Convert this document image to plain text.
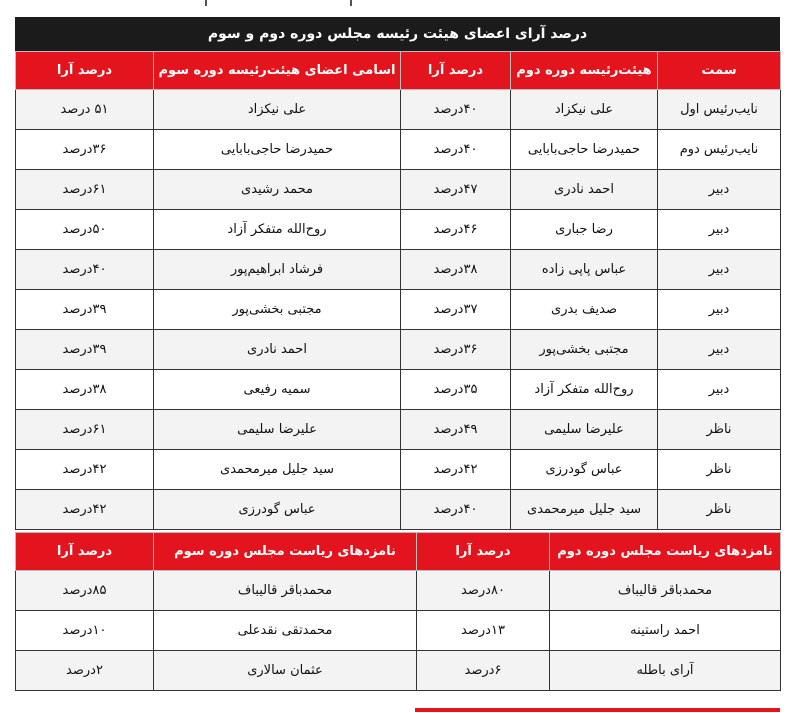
درصد آرای اعضای هیئت رئیسه مجلس دوره دوم و سوم
سمت	هیئت‌رئیسه دوره دوم	درصد آرا	اسامی اعضای هیئت‌رئیسه دوره سوم	درصد آرا
نایب‌رئیس اول	علی نیکزاد	۴۰درصد	علی نیکزاد	۵۱ درصد
نایب‌رئیس دوم	حمیدرضا حاجی‌بابایی	۴۰درصد	حمیدرضا حاجی‌بابایی	۳۶درصد
دبیر	احمد نادری	۴۷درصد	محمد رشیدی	۶۱درصد
دبیر	رضا جباری	۴۶درصد	روح‌الله متفکر آزاد	۵۰درصد
دبیر	عباس پاپی زاده	۳۸درصد	فرشاد ابراهیم‌پور	۴۰درصد
دبیر	صدیف بدری	۳۷درصد	مجتبی بخشی‌پور	۳۹درصد
دبیر	مجتبی بخشی‌پور	۳۶درصد	احمد نادری	۳۹درصد
دبیر	روح‌الله متفکر آزاد	۳۵درصد	سمیه رفیعی	۳۸درصد
ناظر	علیرضا سلیمی	۴۹درصد	علیرضا سلیمی	۶۱درصد
ناظر	عباس گودرزی	۴۲درصد	سید جلیل میرمحمدی	۴۲درصد
ناظر	سید جلیل میرمحمدی	۴۰درصد	عباس گودرزی	۴۲درصد
نامزدهای ریاست مجلس دوره دوم	درصد آرا	نامزدهای ریاست مجلس دوره سوم	درصد آرا
محمدباقر قالیباف	۸۰درصد	محمدباقر قالیباف	۸۵درصد
احمد راستینه	۱۳درصد	محمدتقی نقدعلی	۱۰درصد
آرای باطله	۶درصد	عثمان سالاری	۲درصد
